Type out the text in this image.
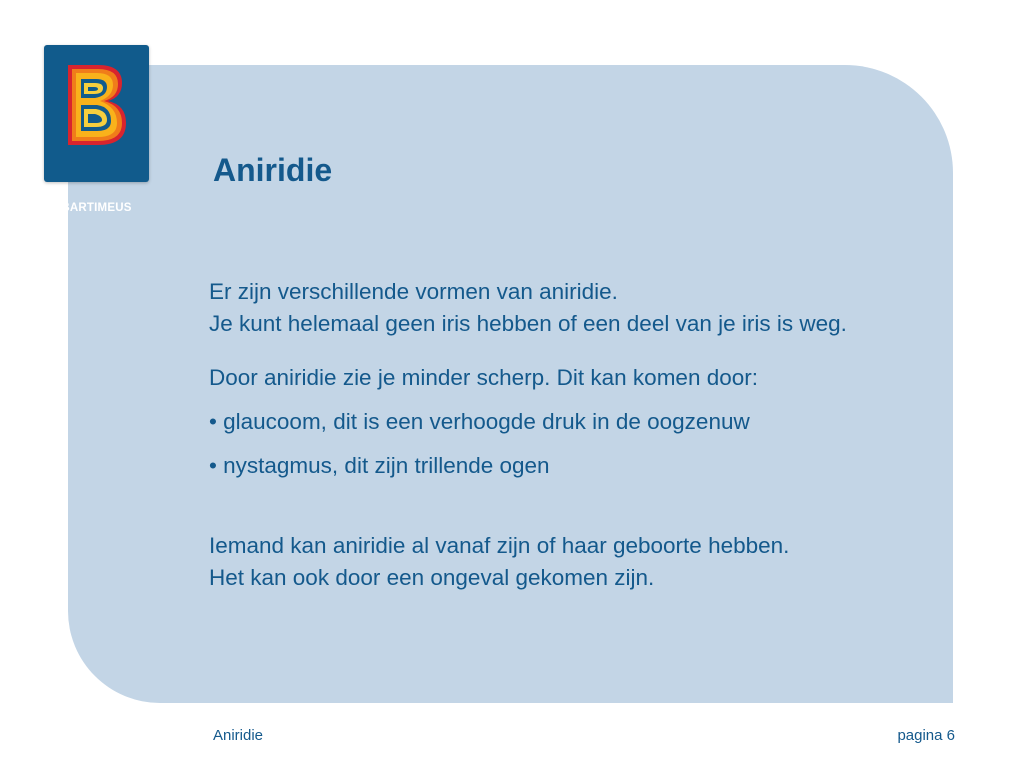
BARTIMEUS
Aniridie

Er zijn verschillende vormen van aniridie.
Je kunt helemaal geen iris hebben of een deel van je iris is weg.

Door aniridie zie je minder scherp. Dit kan komen door:

• glaucoom, dit is een verhoogde druk in de oogzenuw

• nystagmus, dit zijn trillende ogen

Iemand kan aniridie al vanaf zijn of haar geboorte hebben.
Het kan ook door een ongeval gekomen zijn.

Aniridie	pagina 6
